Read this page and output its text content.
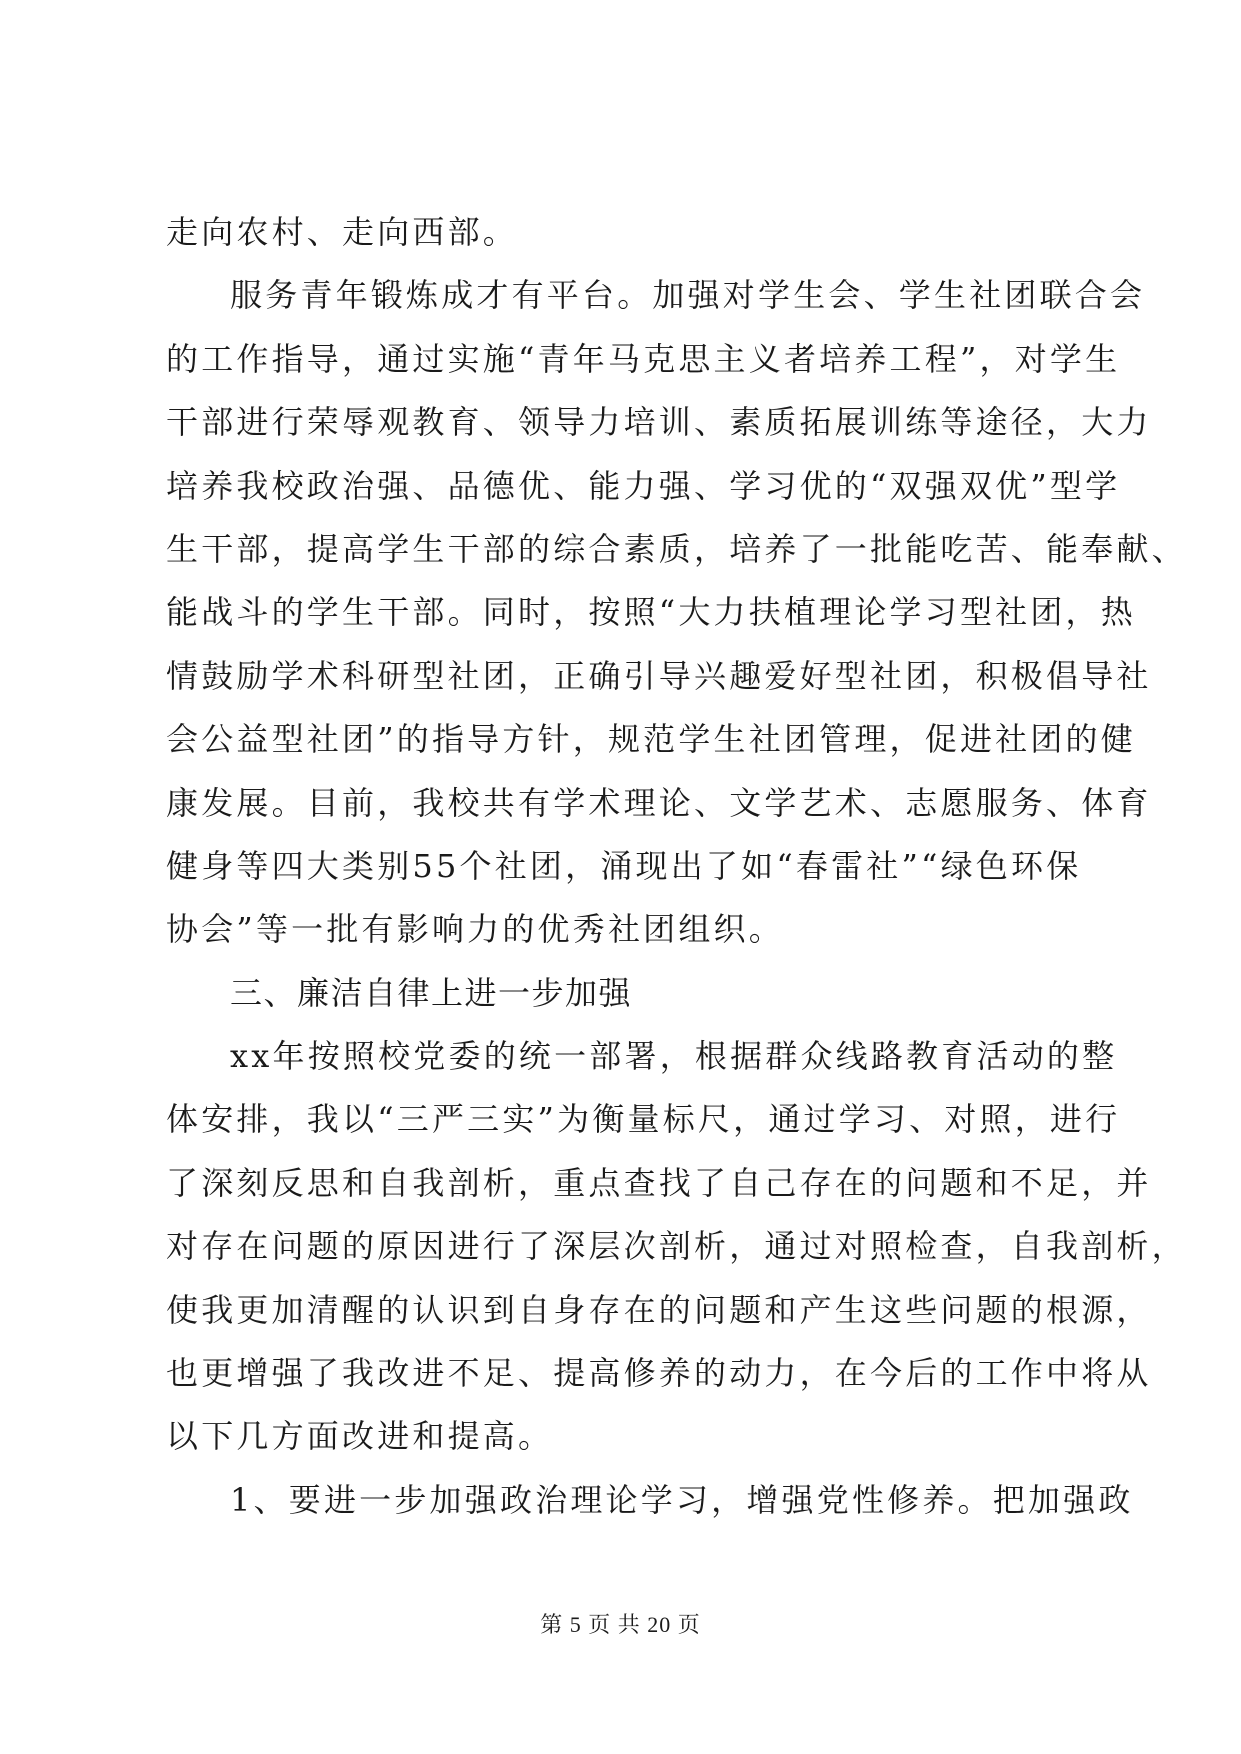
走向农村、走向西部。
服务青年锻炼成才有平台。加强对学生会、学生社团联合会
的工作指导，通过实施“青年马克思主义者培养工程”，对学生
干部进行荣辱观教育、领导力培训、素质拓展训练等途径，大力
培养我校政治强、品德优、能力强、学习优的“双强双优”型学
生干部，提高学生干部的综合素质，培养了一批能吃苦、能奉献、
能战斗的学生干部。同时，按照“大力扶植理论学习型社团，热
情鼓励学术科研型社团，正确引导兴趣爱好型社团，积极倡导社
会公益型社团”的指导方针，规范学生社团管理，促进社团的健
康发展。目前，我校共有学术理论、文学艺术、志愿服务、体育
健身等四大类别55个社团，涌现出了如“春雷社”“绿色环保
协会”等一批有影响力的优秀社团组织。
三、廉洁自律上进一步加强
xx年按照校党委的统一部署，根据群众线路教育活动的整
体安排，我以“三严三实”为衡量标尺，通过学习、对照，进行
了深刻反思和自我剖析，重点查找了自己存在的问题和不足，并
对存在问题的原因进行了深层次剖析，通过对照检查，自我剖析，
使我更加清醒的认识到自身存在的问题和产生这些问题的根源，
也更增强了我改进不足、提高修养的动力，在今后的工作中将从
以下几方面改进和提高。
1、要进一步加强政治理论学习，增强党性修养。把加强政
第 5 页 共 20 页
